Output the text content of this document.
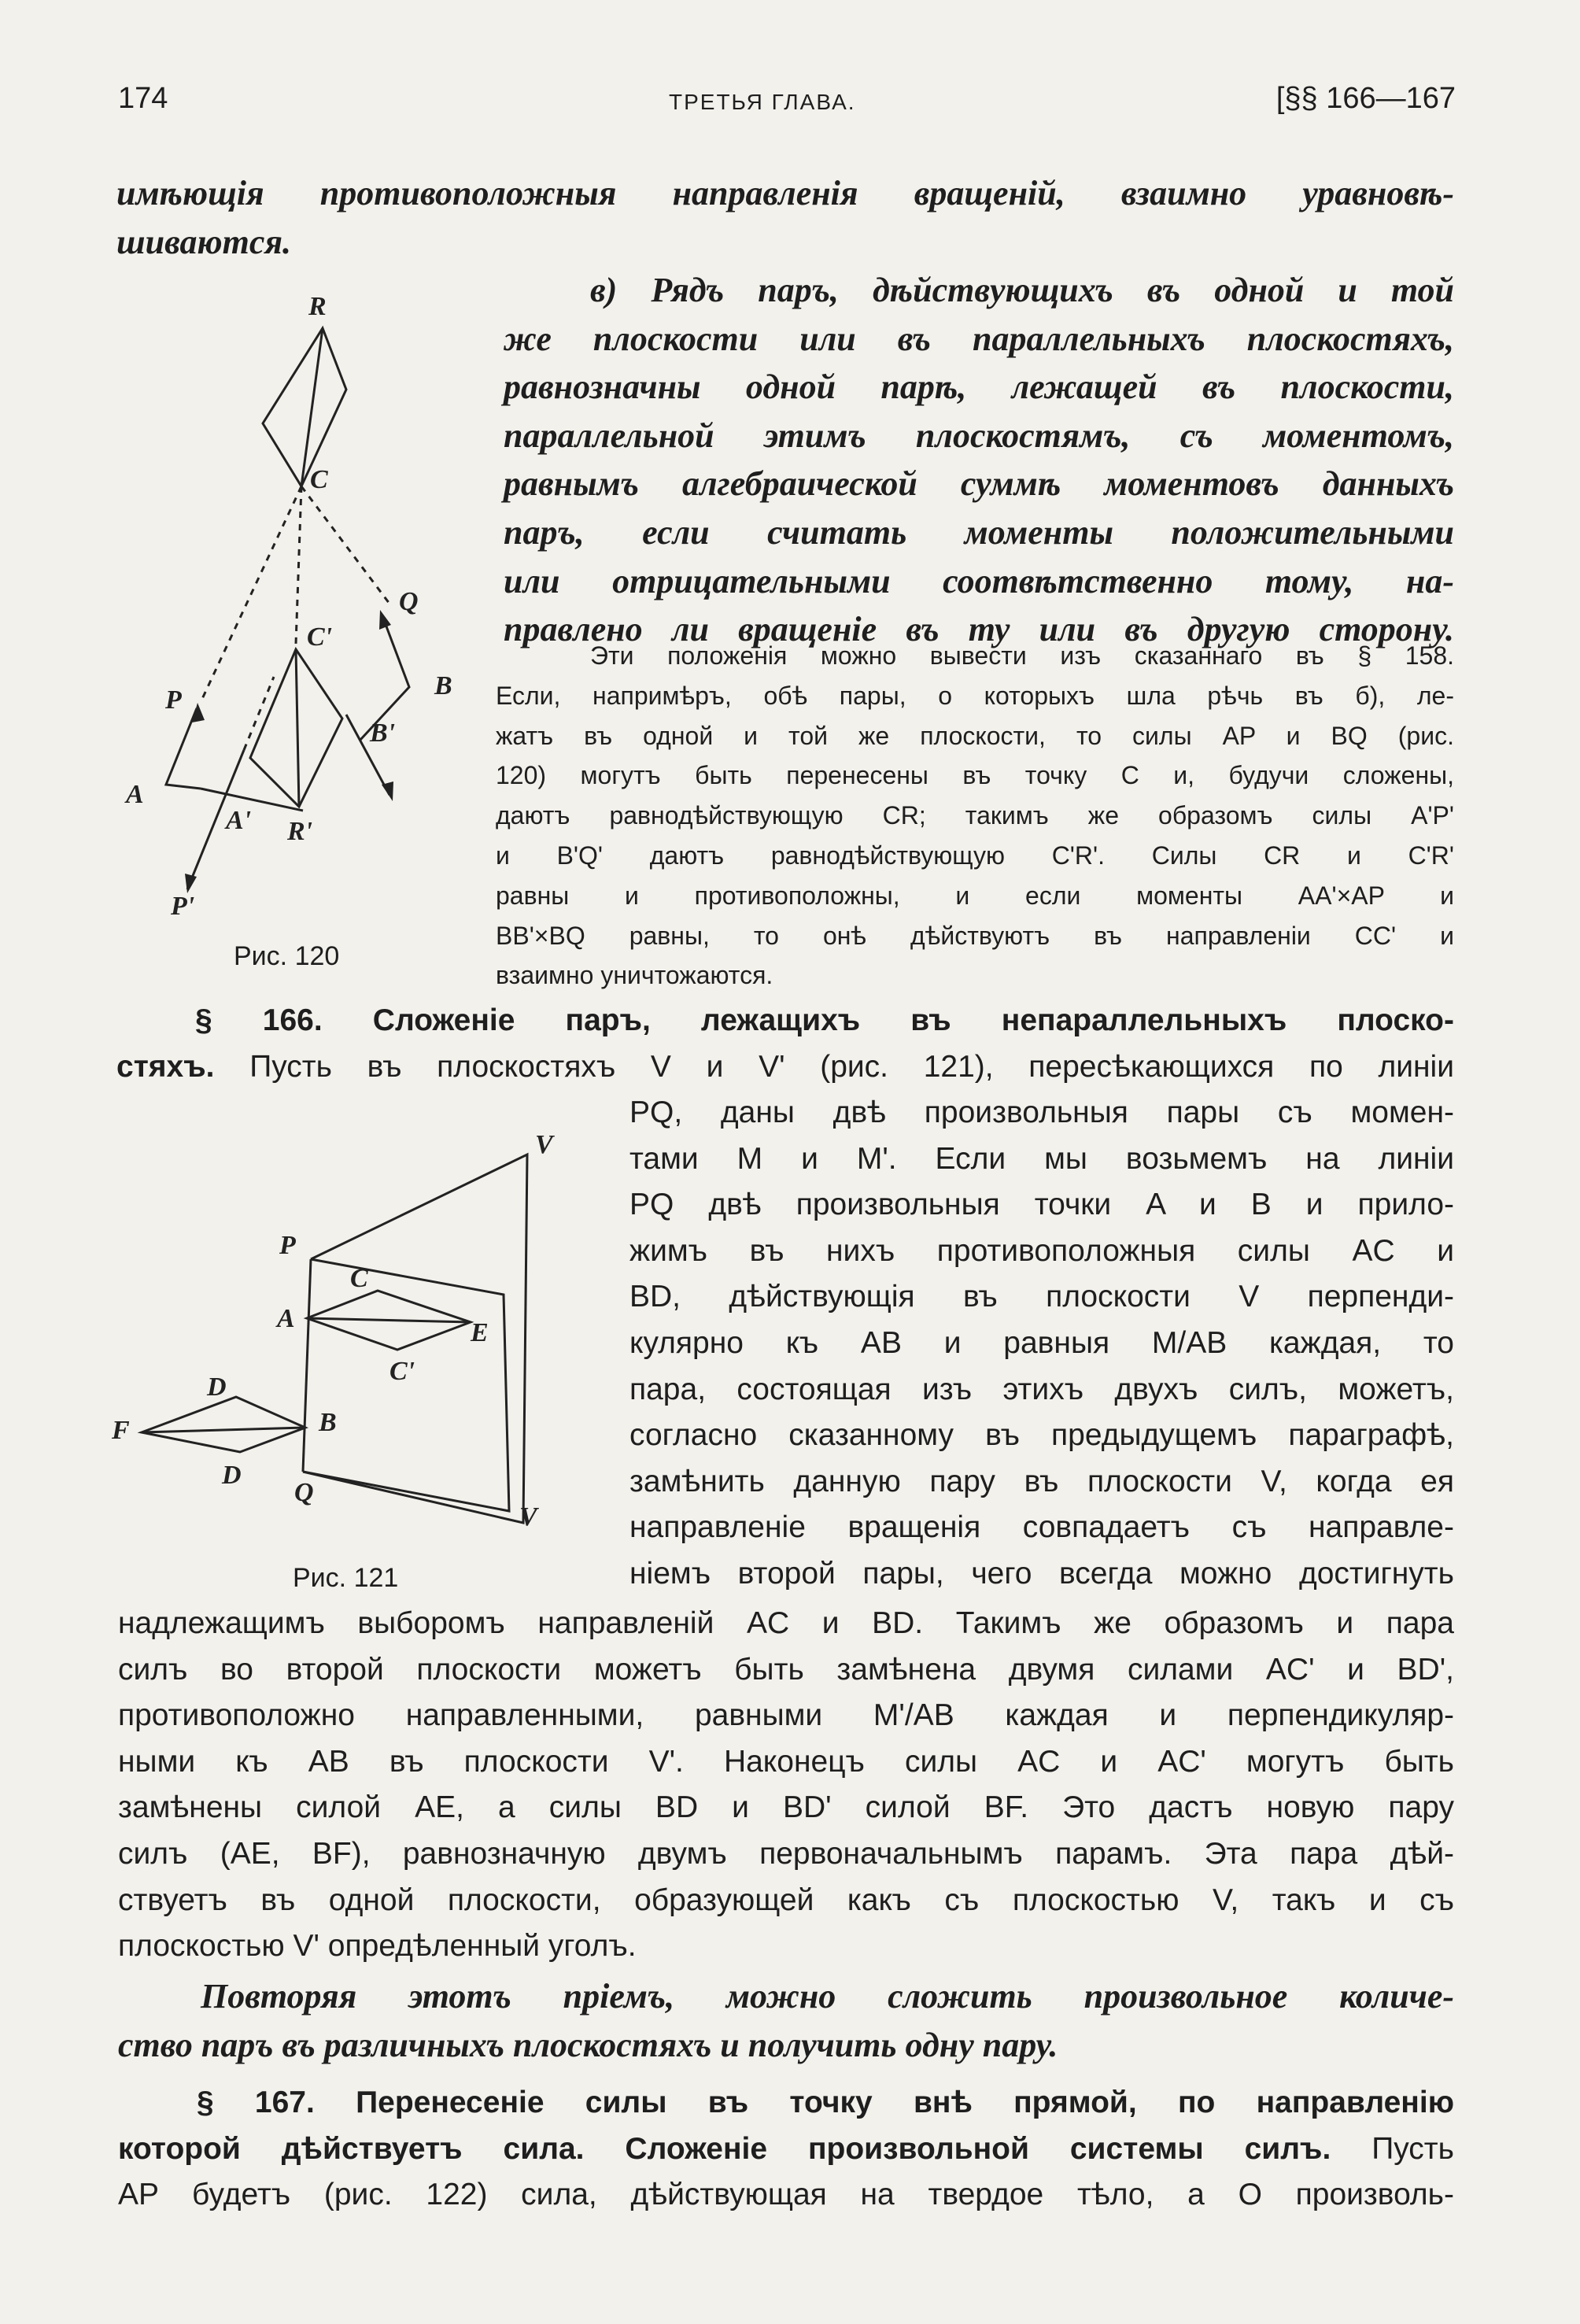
174	ТРЕТЬЯ ГЛАВА.	[§§ 166—167
имѣющія противоположныя направленія вращеній, взаимно уравновѣ-
шиваются.
R
C
Q
C'
B
P
B'
A
A' R'
P'
Рис. 120
в) Рядъ паръ, дѣйствующихъ въ одной и той
же плоскости или въ параллельныхъ плоскостяхъ,
равнозначны одной парѣ, лежащей въ плоскости,
параллельной этимъ плоскостямъ, съ моментомъ,
равнымъ алгебраической суммѣ моментовъ данныхъ
паръ, если считать моменты положительными
или отрицательными соотвѣтственно тому, на-
правлено ли вращеніе въ ту или въ другую сторону.
Эти положенія можно вывести изъ сказаннаго въ § 158.
Если, напримѣръ, обѣ пары, о которыхъ шла рѣчь въ б), ле-
жатъ въ одной и той же плоскости, то силы AP и BQ (рис.
120) могутъ быть перенесены въ точку C и, будучи сложены,
даютъ равнодѣйствующую CR; такимъ же образомъ силы A'P'
и B'Q' даютъ равнодѣйствующую C'R'. Силы CR и C'R'
равны и противоположны, и если моменты AA'×AP и
BB'×BQ равны, то онѣ дѣйствуютъ въ направленіи CC' и
взаимно уничтожаются.
§ 166. Сложеніе паръ, лежащихъ въ непараллельныхъ плоско-
стяхъ. Пусть въ плоскостяхъ V и V' (рис. 121), пересѣкающихся по линіи
V
P
C
A	E
C'
D
F	B
D
Q
V
Рис. 121
PQ, даны двѣ произвольныя пары съ момен-
тами M и M'. Если мы возьмемъ на линіи
PQ двѣ произвольныя точки A и B и прило-
жимъ въ нихъ противоположныя силы AC и
BD, дѣйствующія въ плоскости V перпенди-
кулярно къ AB и равныя M/AB каждая, то
пара, состоящая изъ этихъ двухъ силъ, можетъ,
согласно сказанному въ предыдущемъ параграфѣ,
замѣнить данную пару въ плоскости V, когда ея
направленіе вращенія совпадаетъ съ направле-
ніемъ второй пары, чего всегда можно достигнуть
надлежащимъ выборомъ направленій AC и BD. Такимъ же образомъ и пара
силъ во второй плоскости можетъ быть замѣнена двумя силами AC' и BD',
противоположно направленными, равными M'/AB каждая и перпендикуляр-
ными къ AB въ плоскости V'. Наконецъ силы AC и AC' могутъ быть
замѣнены силой AE, а силы BD и BD' силой BF. Это дастъ новую пару
силъ (AE, BF), равнозначную двумъ первоначальнымъ парамъ. Эта пара дѣй-
ствуетъ въ одной плоскости, образующей какъ съ плоскостью V, такъ и съ
плоскостью V' опредѣленный уголъ.
Повторяя этотъ пріемъ, можно сложить произвольное количе-
ство паръ въ различныхъ плоскостяхъ и получить одну пару.
§ 167. Перенесеніе силы въ точку внѣ прямой, по направленію
которой дѣйствуетъ сила. Сложеніе произвольной системы силъ. Пусть
AP будетъ (рис. 122) сила, дѣйствующая на твердое тѣло, а O произволь-
